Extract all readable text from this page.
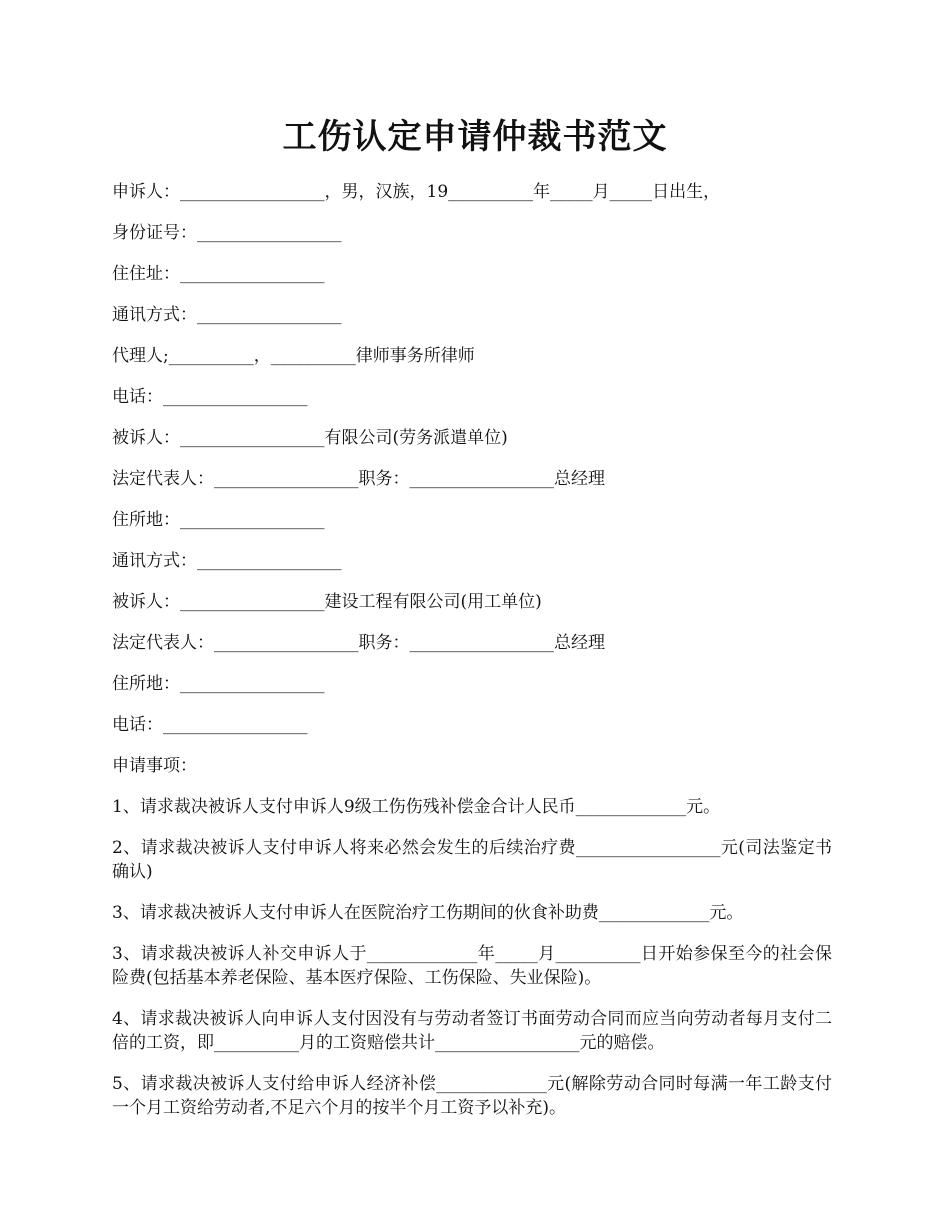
工伤认定申请仲裁书范文

申诉人：_________________，男，汉族，19__________年_____月_____日出生，

身份证号：_________________

住住址：_________________

通讯方式：_________________

代理人;__________，__________律师事务所律师

电话：_________________

被诉人：_________________有限公司(劳务派遣单位)

法定代表人：_________________职务：_________________总经理

住所地：_________________

通讯方式：_________________

被诉人：_________________建设工程有限公司(用工单位)

法定代表人：_________________职务：_________________总经理

住所地：_________________

电话：_________________

申请事项：

1、请求裁决被诉人支付申诉人9级工伤伤残补偿金合计人民币_____________元。

2、请求裁决被诉人支付申诉人将来必然会发生的后续治疗费_________________元(司法鉴定书确认)

3、请求裁决被诉人支付申诉人在医院治疗工伤期间的伙食补助费_____________元。

3、请求裁决被诉人补交申诉人于_____________年_____月__________日开始参保至今的社会保险费(包括基本养老保险、基本医疗保险、工伤保险、失业保险)。

4、请求裁决被诉人向申诉人支付因没有与劳动者签订书面劳动合同而应当向劳动者每月支付二倍的工资，即__________月的工资赔偿共计_________________元的赔偿。

5、请求裁决被诉人支付给申诉人经济补偿_____________元(解除劳动合同时每满一年工龄支付一个月工资给劳动者,不足六个月的按半个月工资予以补充)。
